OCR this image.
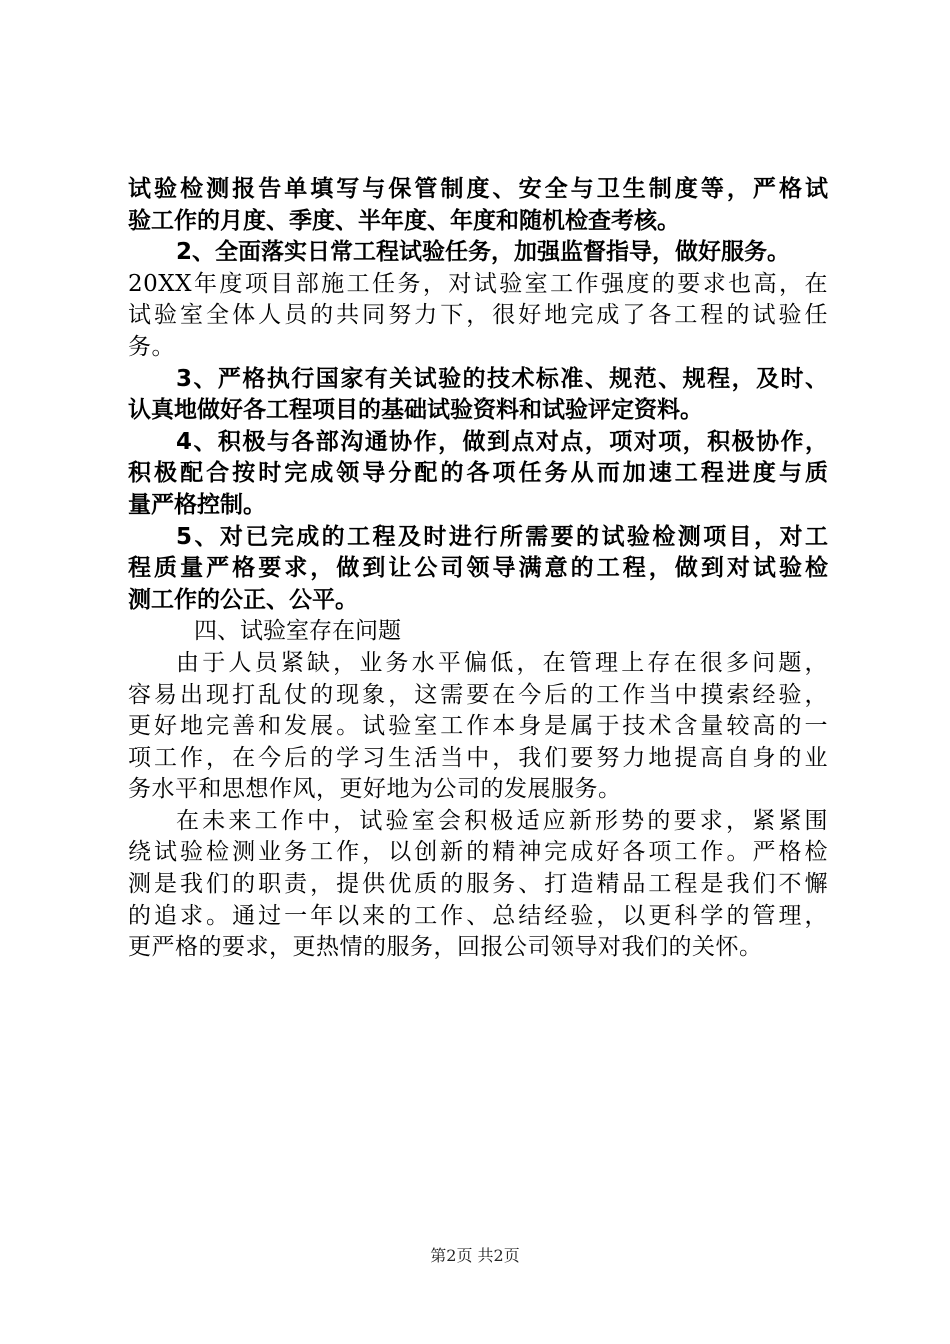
试验检测报告单填写与保管制度、安全与卫生制度等，严格试
验工作的月度、季度、半年度、年度和随机检查考核。
2、全面落实日常工程试验任务，加强监督指导，做好服务。
20XX年度项目部施工任务，对试验室工作强度的要求也高，在
试验室全体人员的共同努力下，很好地完成了各工程的试验任
务。
3、严格执行国家有关试验的技术标准、规范、规程，及时、
认真地做好各工程项目的基础试验资料和试验评定资料。
4、积极与各部沟通协作，做到点对点，项对项，积极协作，
积极配合按时完成领导分配的各项任务从而加速工程进度与质
量严格控制。
5、对已完成的工程及时进行所需要的试验检测项目，对工
程质量严格要求，做到让公司领导满意的工程，做到对试验检
测工作的公正、公平。
四、试验室存在问题
由于人员紧缺，业务水平偏低，在管理上存在很多问题，
容易出现打乱仗的现象，这需要在今后的工作当中摸索经验，
更好地完善和发展。试验室工作本身是属于技术含量较高的一
项工作，在今后的学习生活当中，我们要努力地提高自身的业
务水平和思想作风，更好地为公司的发展服务。
在未来工作中，试验室会积极适应新形势的要求，紧紧围
绕试验检测业务工作，以创新的精神完成好各项工作。严格检
测是我们的职责，提供优质的服务、打造精品工程是我们不懈
的追求。通过一年以来的工作、总结经验，以更科学的管理，
更严格的要求，更热情的服务，回报公司领导对我们的关怀。
第2页 共2页
